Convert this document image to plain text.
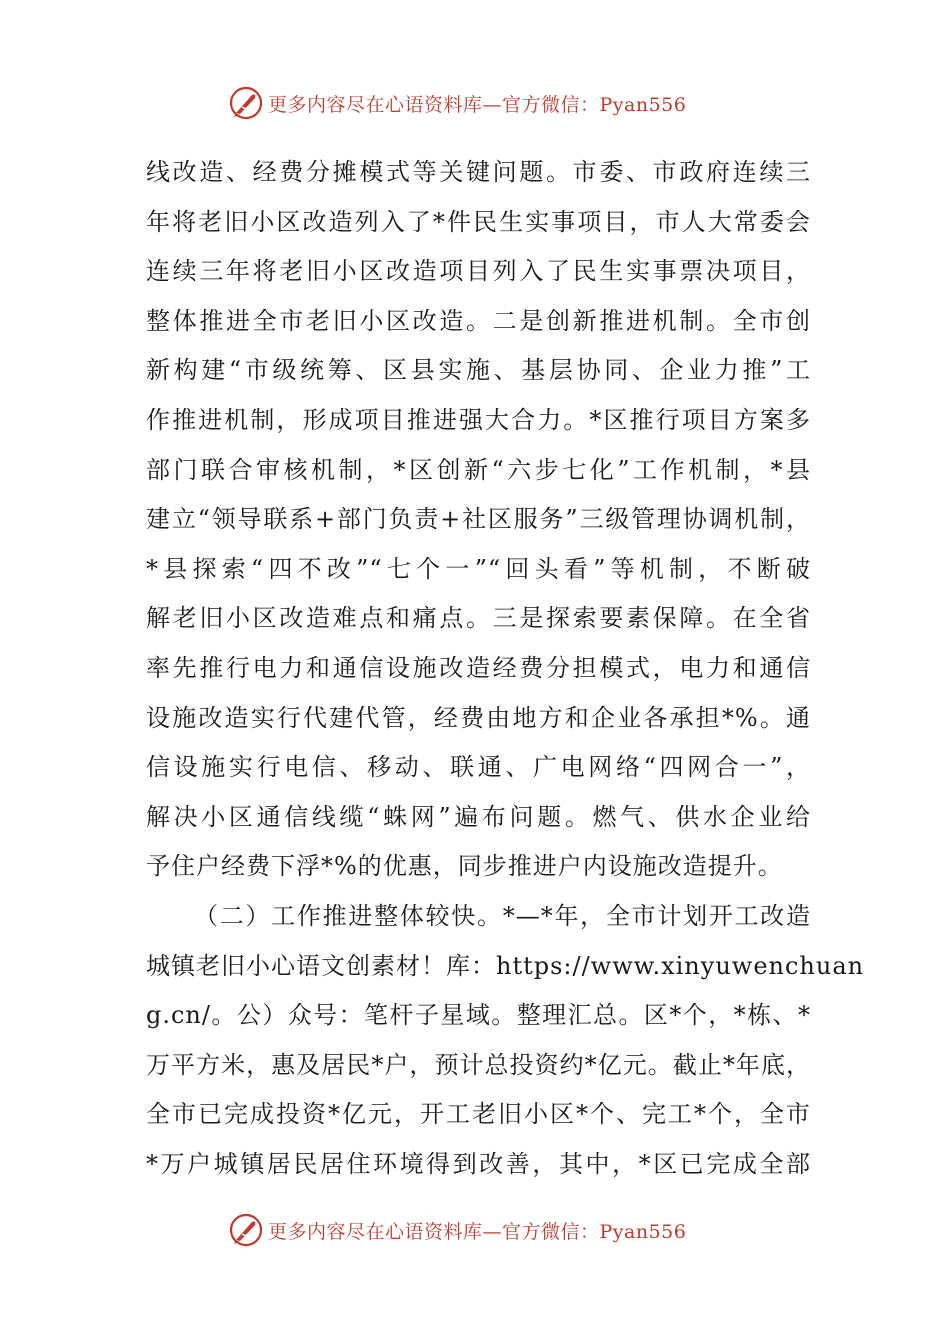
更多内容尽在心语资料库—官方微信：Pyan556
线改造、经费分摊模式等关键问题。市委、市政府连续三
年将老旧小区改造列入了*件民生实事项目，市人大常委会
连续三年将老旧小区改造项目列入了民生实事票决项目，
整体推进全市老旧小区改造。二是创新推进机制。全市创
新构建“市级统筹、区县实施、基层协同、企业力推”工
作推进机制，形成项目推进强大合力。*区推行项目方案多
部门联合审核机制，*区创新“六步七化”工作机制，*县
建立“领导联系+部门负责+社区服务”三级管理协调机制，
*县探索“四不改”“七个一”“回头看”等机制，不断破
解老旧小区改造难点和痛点。三是探索要素保障。在全省
率先推行电力和通信设施改造经费分担模式，电力和通信
设施改造实行代建代管，经费由地方和企业各承担*%。通
信设施实行电信、移动、联通、广电网络“四网合一”，
解决小区通信线缆“蛛网”遍布问题。燃气、供水企业给
予住户经费下浮*%的优惠，同步推进户内设施改造提升。
（二）工作推进整体较快。*—*年，全市计划开工改造
城镇老旧小心语文创素材！库：https://www.xinyuwenchuan
g.cn/。公）众号：笔杆子星域。整理汇总。区*个，*栋、*
万平方米，惠及居民*户，预计总投资约*亿元。截止*年底，
全市已完成投资*亿元，开工老旧小区*个、完工*个，全市
*万户城镇居民居住环境得到改善，其中，*区已完成全部
更多内容尽在心语资料库—官方微信：Pyan556
